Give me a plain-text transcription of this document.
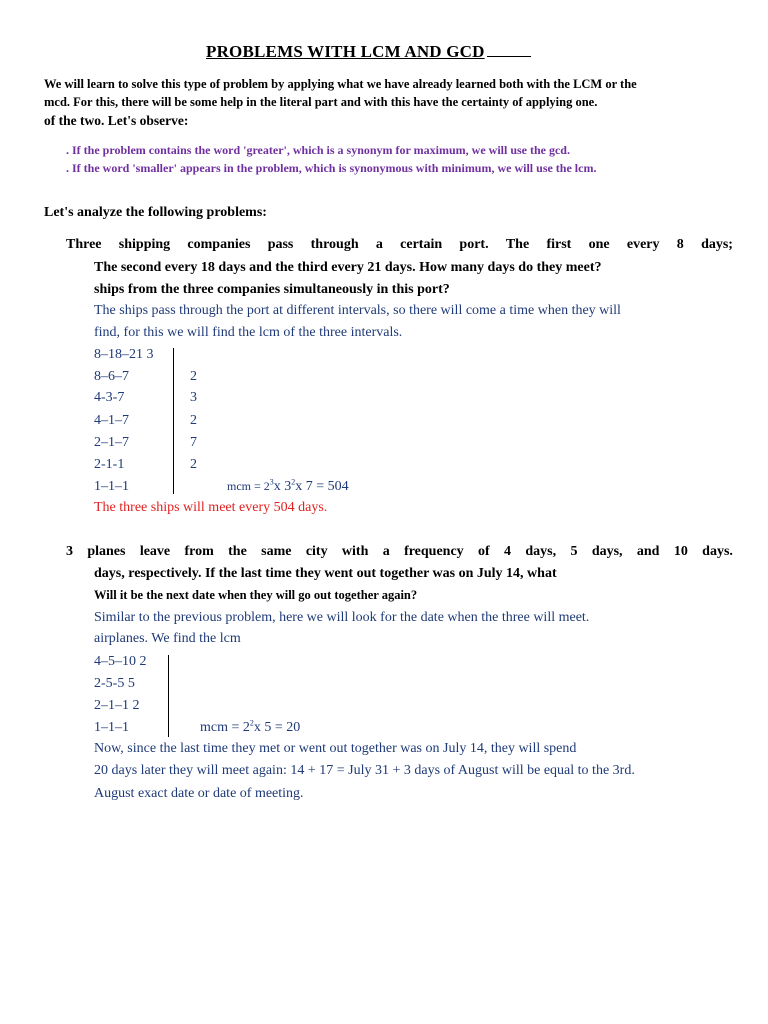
PROBLEMS WITH LCM AND GCD
We will learn to solve this type of problem by applying what we have already learned both with the LCM or the
mcd. For this, there will be some help in the literal part and with this have the certainty of applying one.
of the two. Let's observe:
. If the problem contains the word 'greater', which is a synonym for maximum, we will use the gcd.
. If the word 'smaller' appears in the problem, which is synonymous with minimum, we will use the lcm.
Let's analyze the following problems:
Three shipping companies pass through a certain port. The first one every 8 days;
The second every 18 days and the third every 21 days. How many days do they meet?
ships from the three companies simultaneously in this port?
The ships pass through the port at different intervals, so there will come a time when they will
find, for this we will find the lcm of the three intervals.
8–18–21 3
8–6–7
4-3-7
4–1–7
2–1–7
2-1-1
1–1–1
2
3
2
7
2
mcm = $2^3x$ $3^2x$ 7 = 504
The three ships will meet every 504 days.
3 planes leave from the same city with a frequency of 4 days, 5 days, and 10 days.
days, respectively. If the last time they went out together was on July 14, what
Will it be the next date when they will go out together again?
Similar to the previous problem, here we will look for the date when the three will meet.
airplanes. We find the lcm
4–5–10 2
2-5-5 5
2–1–1 2
1–1–1	mcm = $2^2x$ 5 = 20
Now, since the last time they met or went out together was on July 14, they will spend
20 days later they will meet again: 14 + 17 = July 31 + 3 days of August will be equal to the 3rd.
August exact date or date of meeting.
